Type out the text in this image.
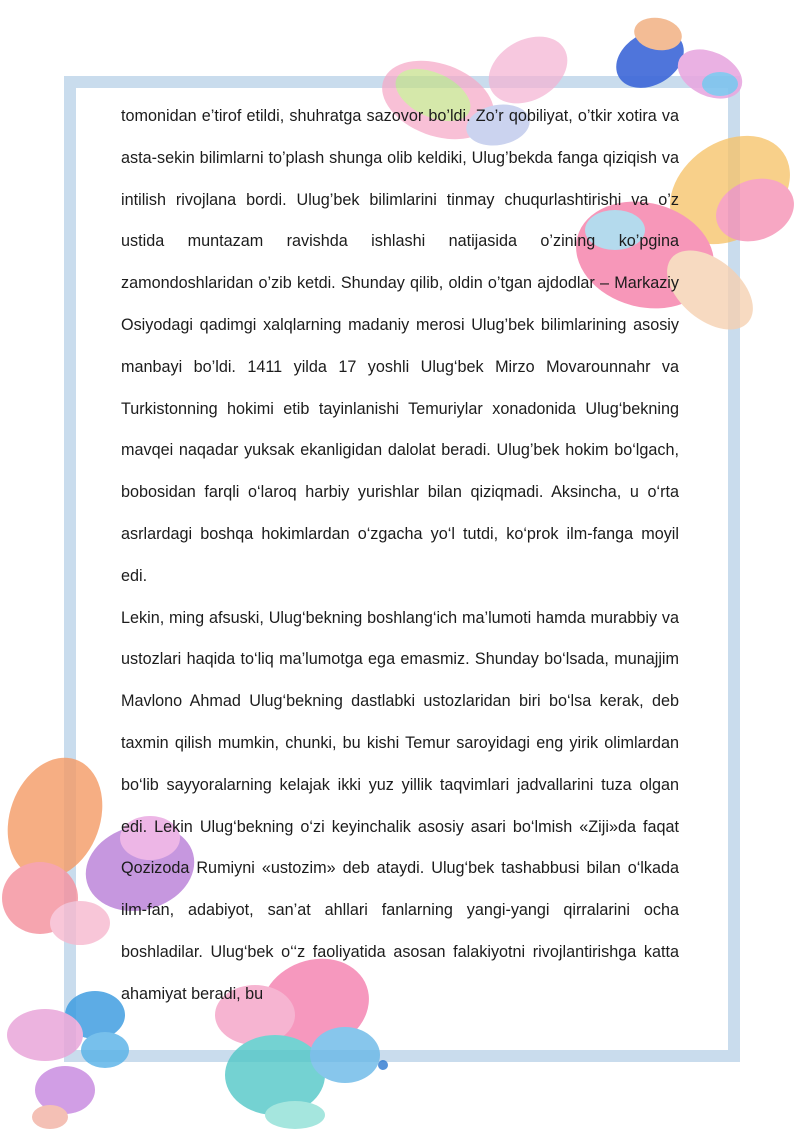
tomonidan e’tirof etildi, shuhratga sazovor bo’ldi. Zo’r qobiliyat, o’tkir xotira va asta-sekin bilimlarni to’plash shunga olib keldiki, Ulug’bekda fanga qiziqish va intilish rivojlana bordi. Ulug’bek bilimlarini tinmay chuqurlashtirishi va o’z ustida muntazam ravishda ishlashi natijasida o’zining ko’pgina zamondoshlaridan o’zib ketdi. Shunday qilib, oldin o’tgan ajdodlar – Markaziy Osiyodagi qadimgi xalqlarning madaniy merosi Ulug’bek bilimlarining asosiy manbayi bo’ldi. 1411 yilda 17 yoshli Ulug‘bek Mirzo Movarounnahr va Turkistonning hokimi etib tayinlanishi Temuriylar xonadonida Ulug‘bekning mavqei naqadar yuksak ekanligidan dalolat beradi. Ulug’bek hokim bo‘lgach, bobosidan farqli o‘laroq harbiy yurishlar bilan qiziqmadi. Aksincha, u o‘rta asrlardagi boshqa hokimlardan o‘zgacha yo‘l tutdi, ko‘prok ilm-fanga moyil edi.

Lekin, ming afsuski, Ulug‘bekning boshlang‘ich ma’lumoti hamda murabbiy va ustozlari haqida to‘liq ma’lumotga ega emasmiz. Shunday bo‘lsada, munajjim Mavlono Ahmad Ulug‘bekning dastlabki ustozlaridan biri bo‘lsa kerak, deb taxmin qilish mumkin, chunki, bu kishi Temur saroyidagi eng yirik olimlardan bo‘lib sayyoralarning kelajak ikki yuz yillik taqvimlari jadvallarini tuza olgan edi. Lekin Ulug‘bekning o‘zi keyinchalik asosiy asari bo‘lmish «Ziji»da faqat Qozizoda Rumiyni «ustozim» deb ataydi. Ulug‘bek tashabbusi bilan o‘lkada ilm-fan, adabiyot, san’at ahllari fanlarning yangi-yangi qirralarini ocha boshladilar. Ulug‘bek o‘‘z faoliyatida asosan falakiyotni rivojlantirishga katta ahamiyat beradi, bu
